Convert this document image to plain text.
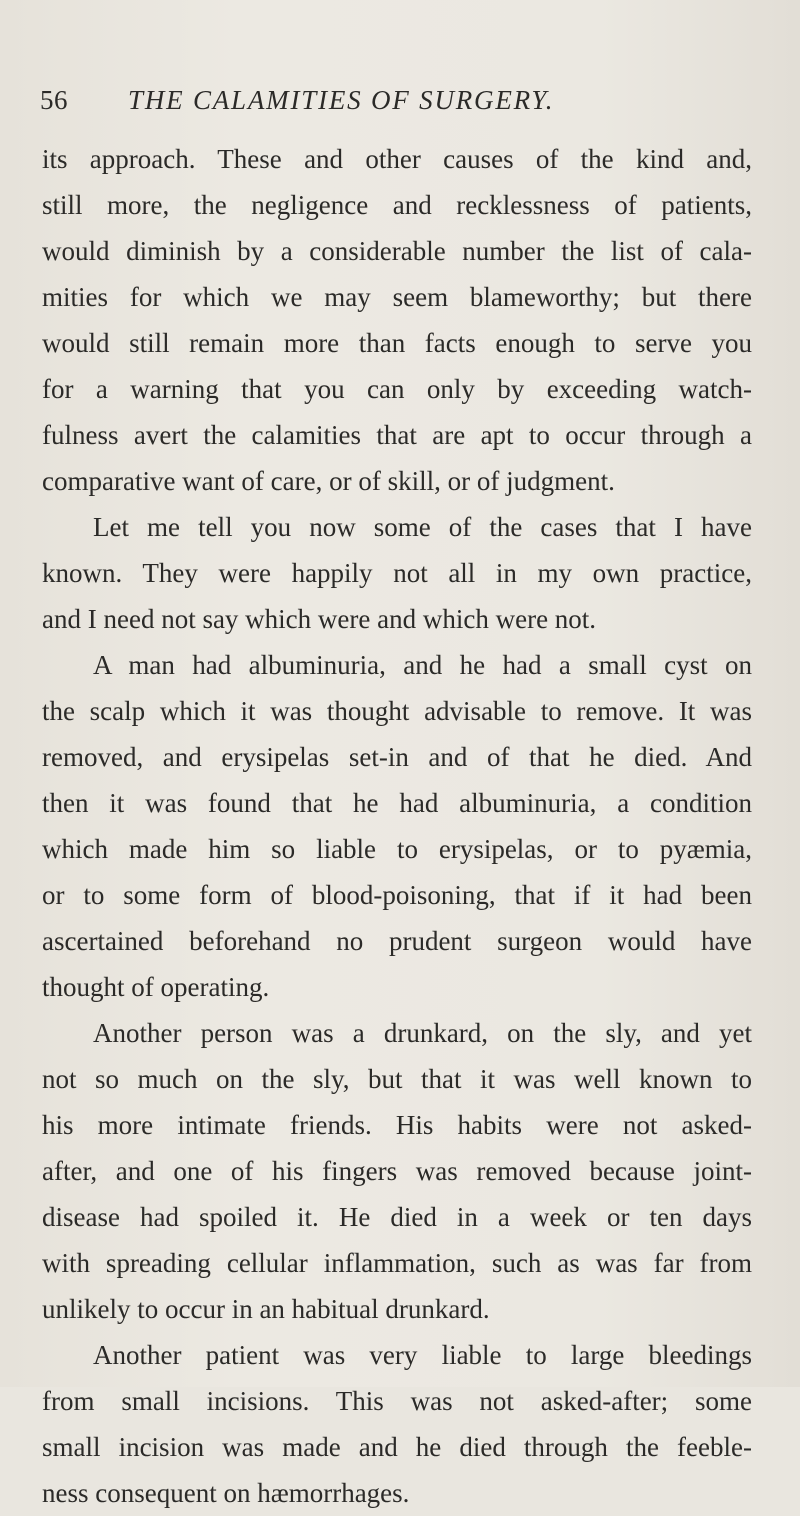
56 THE CALAMITIES OF SURGERY.
its approach. These and other causes of the kind and,
still more, the negligence and recklessness of patients,
would diminish by a considerable number the list of cala-
mities for which we may seem blameworthy; but there
would still remain more than facts enough to serve you
for a warning that you can only by exceeding watch-
fulness avert the calamities that are apt to occur through a
comparative want of care, or of skill, or of judgment.
Let me tell you now some of the cases that I have
known. They were happily not all in my own practice,
and I need not say which were and which were not.
A man had albuminuria, and he had a small cyst on
the scalp which it was thought advisable to remove. It was
removed, and erysipelas set-in and of that he died. And
then it was found that he had albuminuria, a condition
which made him so liable to erysipelas, or to pyæmia,
or to some form of blood-poisoning, that if it had been
ascertained beforehand no prudent surgeon would have
thought of operating.
Another person was a drunkard, on the sly, and yet
not so much on the sly, but that it was well known to
his more intimate friends. His habits were not asked-
after, and one of his fingers was removed because joint-
disease had spoiled it. He died in a week or ten days
with spreading cellular inflammation, such as was far from
unlikely to occur in an habitual drunkard.
Another patient was very liable to large bleedings
from small incisions. This was not asked-after; some
small incision was made and he died through the feeble-
ness consequent on hæmorrhages.
